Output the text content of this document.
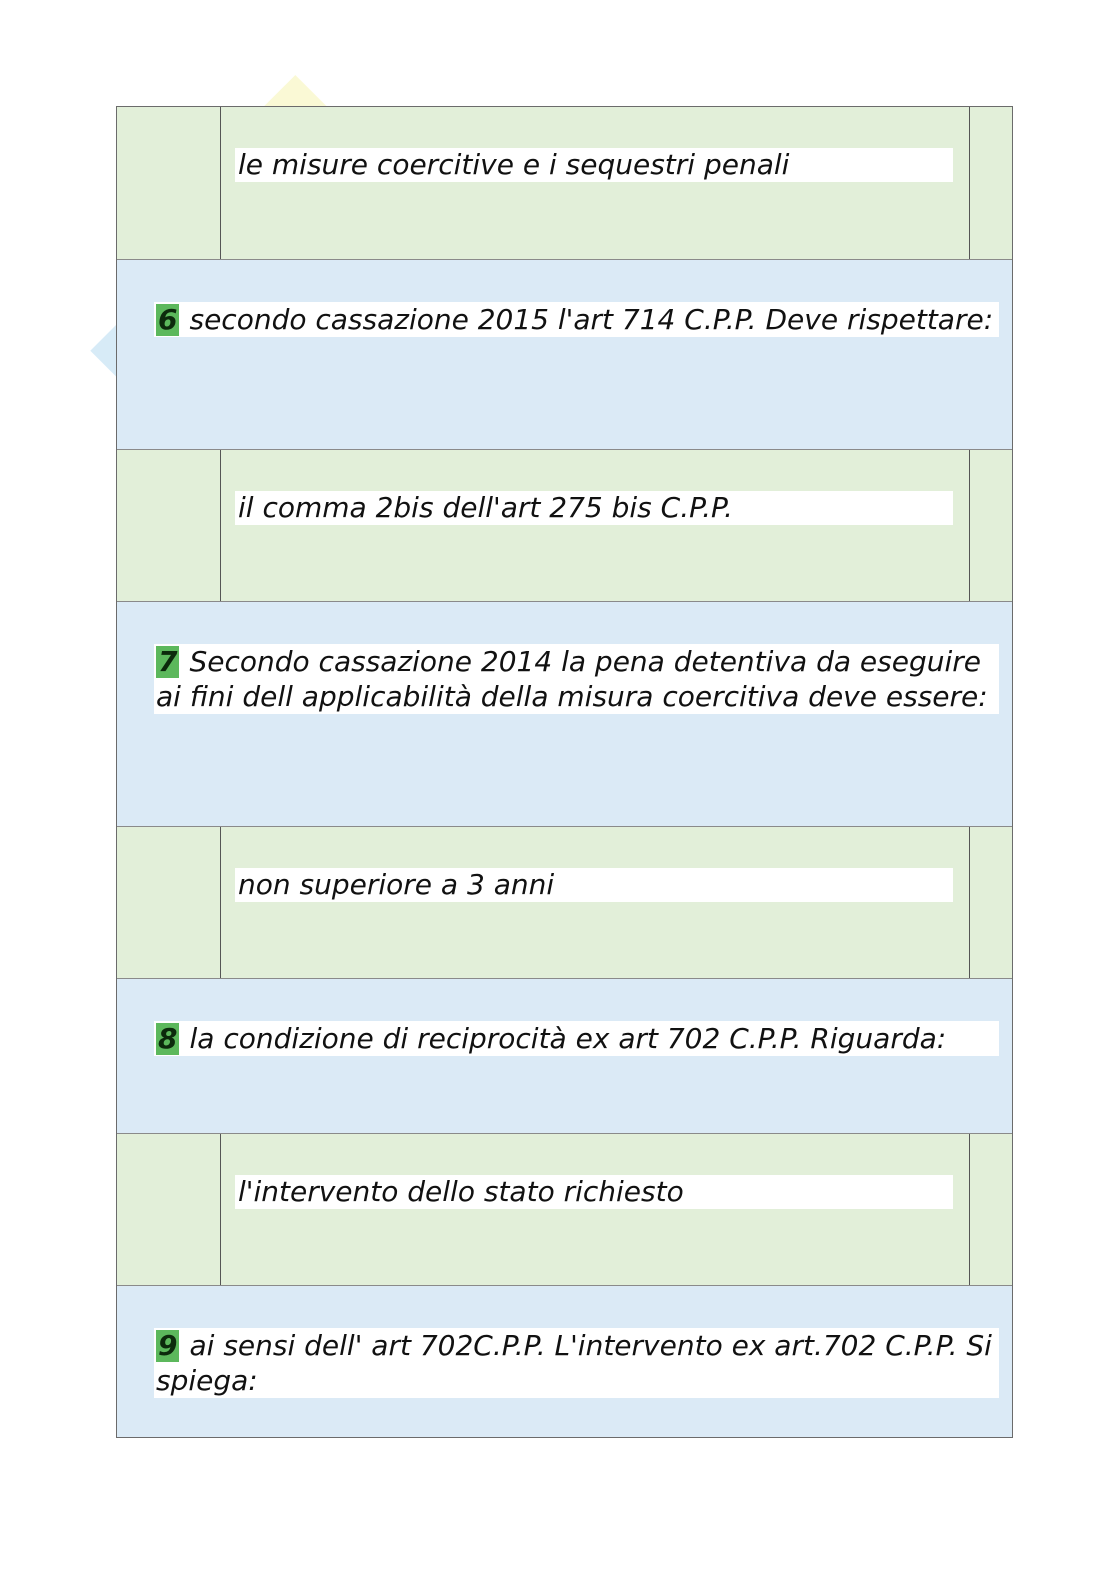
le misure coercitive e i sequestri penali
6 secondo cassazione 2015 l'art 714 C.P.P. Deve rispettare:
il comma 2bis dell'art 275 bis C.P.P.
7 Secondo cassazione 2014 la pena detentiva da eseguire ai fini dell applicabilità della misura coercitiva deve essere:
non superiore a 3 anni
8 la condizione di reciprocità ex art 702 C.P.P. Riguarda:
l'intervento dello stato richiesto
9 ai sensi dell' art 702C.P.P. L'intervento ex art.702 C.P.P. Si spiega:
